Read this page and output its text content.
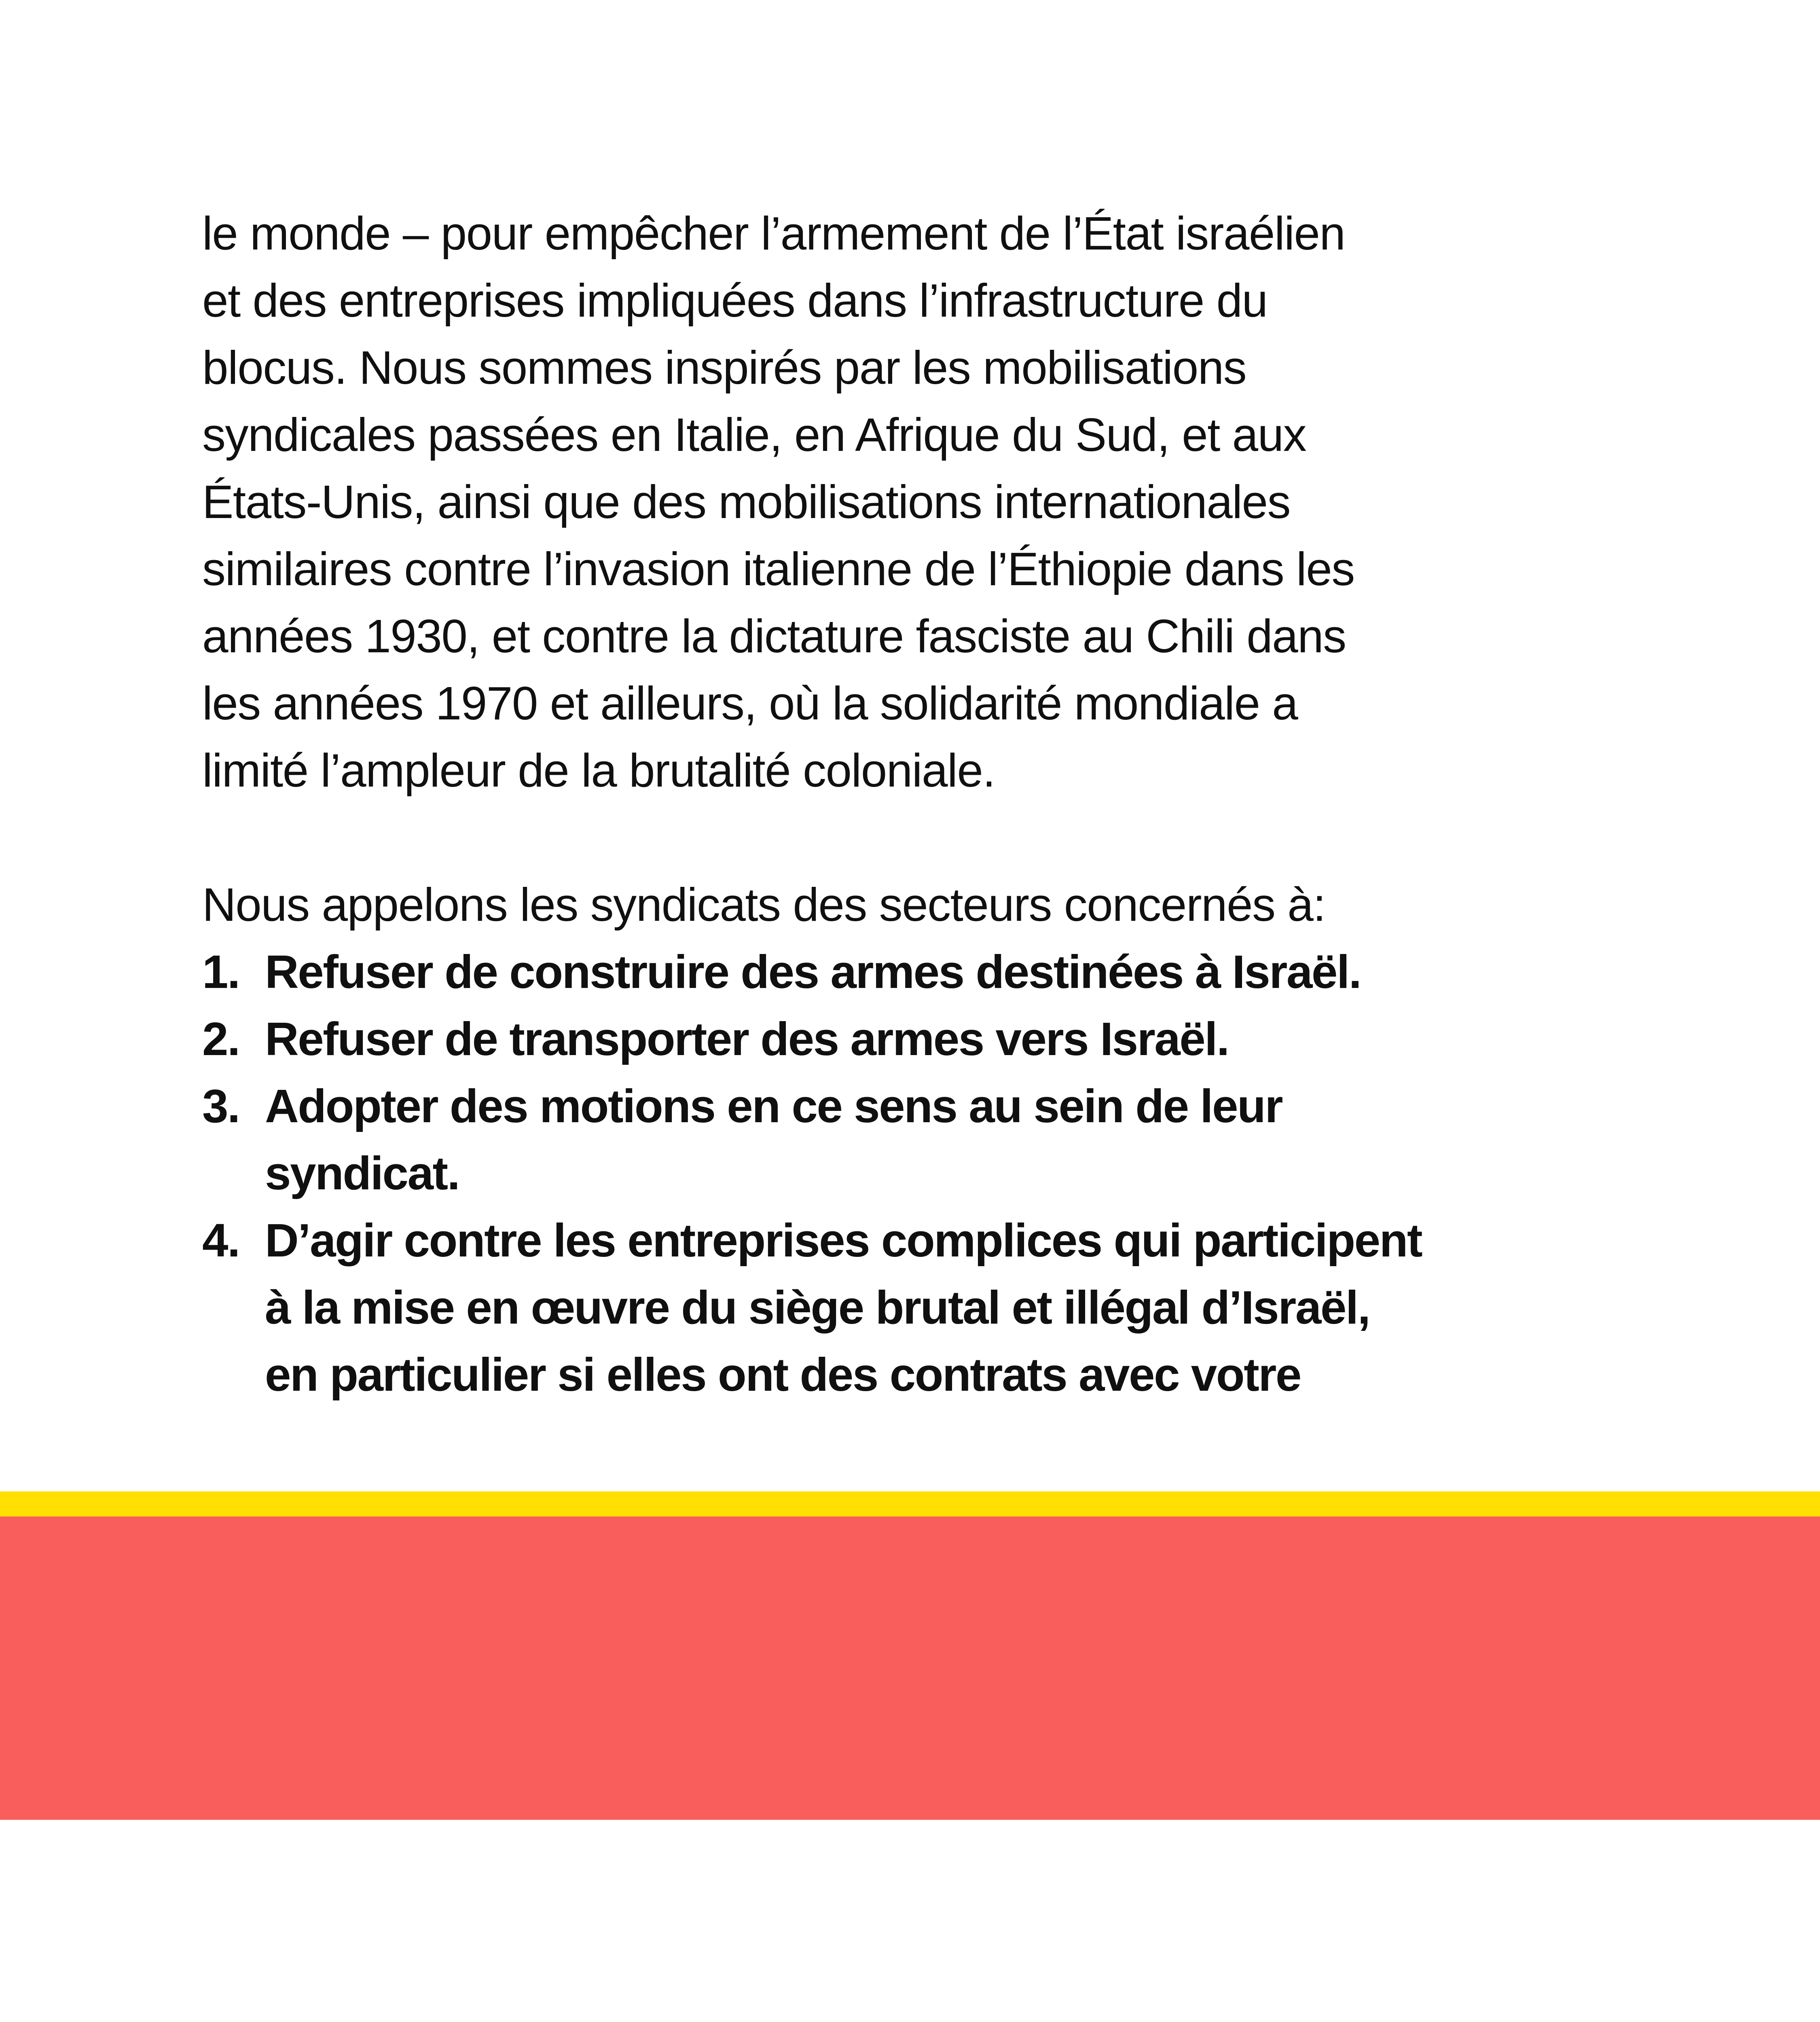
le monde – pour empêcher l’armement de l’État israélien

et des entreprises impliquées dans l’infrastructure du

blocus. Nous sommes inspirés par les mobilisations

syndicales passées en Italie, en Afrique du Sud, et aux

États-Unis, ainsi que des mobilisations internationales

similaires contre l’invasion italienne de l’Éthiopie dans les

années 1930, et contre la dictature fasciste au Chili dans

les années 1970 et ailleurs, où la solidarité mondiale a

limité l’ampleur de la brutalité coloniale.

Nous appelons les syndicats des secteurs concernés à:

1. Refuser de construire des armes destinées à Israël.
2. Refuser de transporter des armes vers Israël.
3. Adopter des motions en ce sens au sein de leur
syndicat.
4. D’agir contre les entreprises complices qui participent
à la mise en œuvre du siège brutal et illégal d’Israël,
en particulier si elles ont des contrats avec votre
